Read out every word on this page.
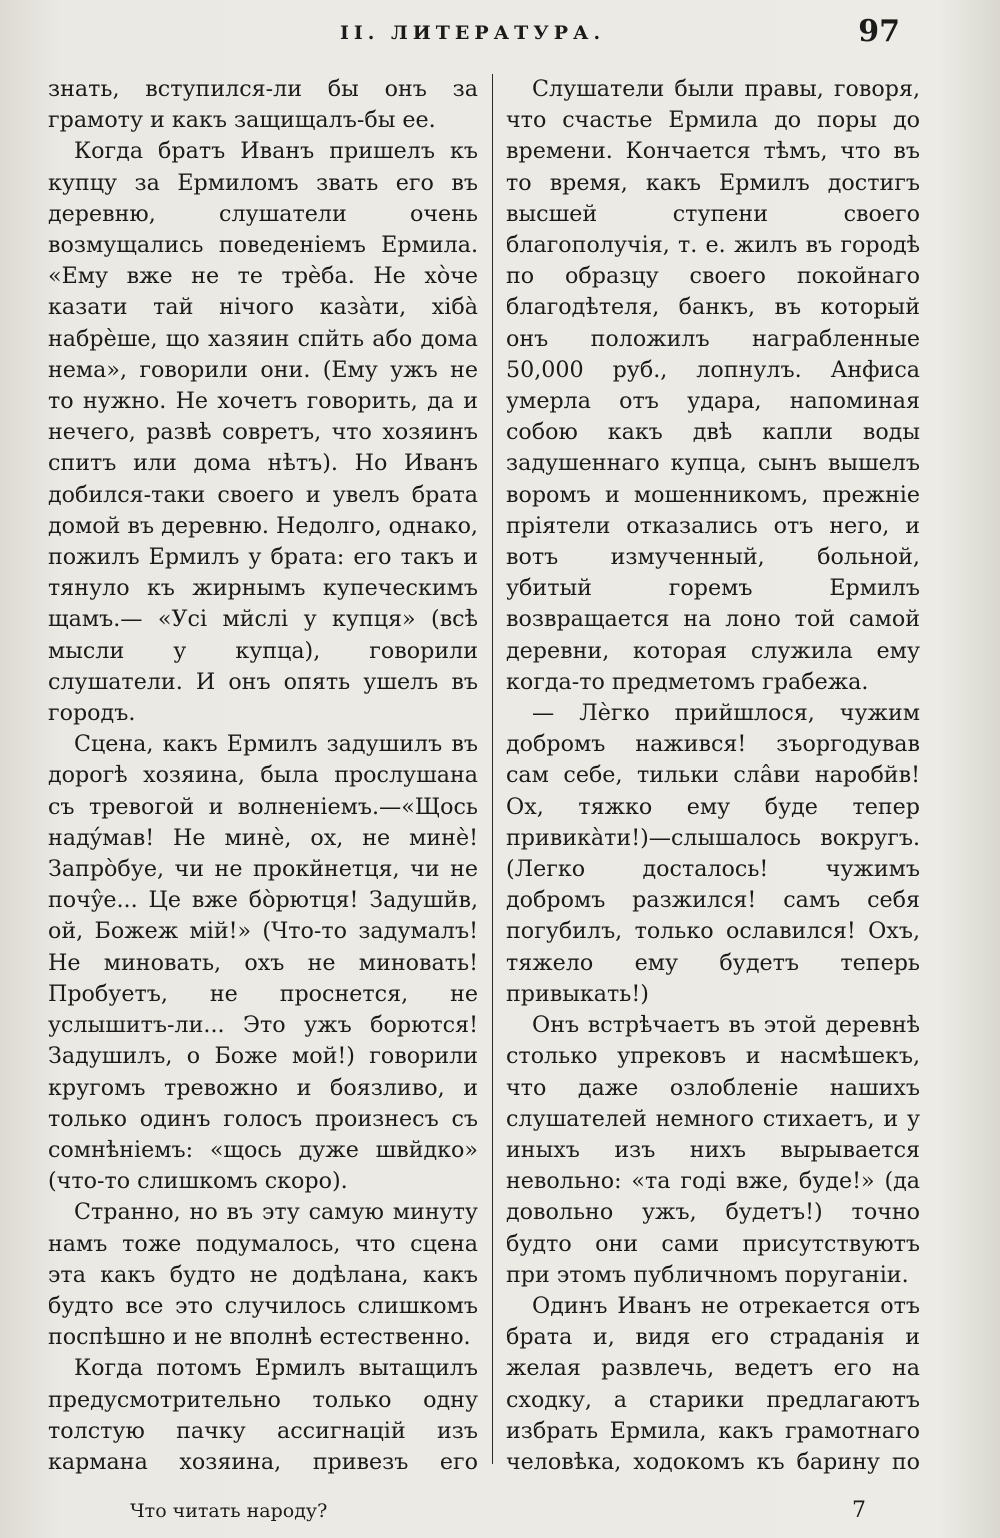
II. ЛИТЕРАТУРА.	97

знать, вступился-ли бы онъ за грамоту и какъ защищалъ-бы ее.

Когда братъ Иванъ пришелъ къ купцу за Ермиломъ звать его въ деревню, слушатели очень возмущались поведеніемъ Ермила. «Ему вже не те трѐба. Не хо̀че казати тай нічого казàти, хібà набрѐше, що хазяин спйть або дома нема», говорили они. (Ему ужъ не то нужно. Не хочетъ говорить, да и нечего, развѣ совретъ, что хозяинъ спитъ или дома нѣтъ). Но Иванъ добился-таки своего и увелъ брата домой въ деревню. Недолго, однако, пожилъ Ермилъ у брата: его такъ и тянуло къ жирнымъ купеческимъ щамъ.— «Усі мйслі у купця» (всѣ мысли у купца), говорили слушатели. И онъ опять ушелъ въ городъ.

Сцена, какъ Ермилъ задушилъ въ дорогѣ хозяина, была прослушана съ тревогой и волненіемъ.—«Щось надýмав! Не минѐ, ох, не минѐ! Запрòбуе, чи не прокйнетця, чи не почŷе... Це вже бòрютця! Задушйв, ой, Божеж мій!» (Что-то задумалъ! Не миновать, охъ не миновать! Пробуетъ, не проснется, не услышитъ-ли... Это ужъ борются! Задушилъ, о Боже мой!) говорили кругомъ тревожно и боязливо, и только одинъ голосъ произнесъ съ сомнѣніемъ: «щось дуже швйдко» (что-то слишкомъ скоро).

Странно, но въ эту самую минуту намъ тоже подумалось, что сцена эта какъ будто не додѣлана, какъ будто все это случилось слишкомъ поспѣшно и не вполнѣ естественно.

Когда потомъ Ермилъ вытащилъ предусмотрительно только одну толстую пачку ассигнацій изъ кармана хозяина, привезъ его

Слушатели были правы, говоря, что счастье Ермила до поры до времени. Кончается тѣмъ, что въ то время, какъ Ермилъ достигъ высшей ступени своего благополучія, т. е. жилъ въ городѣ по образцу своего покойнаго благодѣтеля, банкъ, въ который онъ положилъ награбленные 50,000 руб., лопнулъ. Анфиса умерла отъ удара, напоминая собою какъ двѣ капли воды задушеннаго купца, сынъ вышелъ воромъ и мошенникомъ, прежніе пріятели отказались отъ него, и вотъ измученный, больной, убитый горемъ Ермилъ возвращается на лоно той самой деревни, которая служила ему когда-то предметомъ грабежа.

— Лѐгко прийшлося, чужим добромъ нажився! зъоргодував сам себе, тильки слâви наробйв! Ох, тяжко ему буде тепер привикàти!)—слышалось вокругъ. (Легко досталось! чужимъ добромъ разжился! самъ себя погубилъ, только ославился! Охъ, тяжело ему будетъ теперь привыкать!)

Онъ встрѣчаетъ въ этой деревнѣ столько упрековъ и насмѣшекъ, что даже озлобленіе нашихъ слушателей немного стихаетъ, и у иныхъ изъ нихъ вырывается невольно: «та годі вже, буде!» (да довольно ужъ, будетъ!) точно будто они сами присутствуютъ при этомъ публичномъ поруганіи.

Одинъ Иванъ не отрекается отъ брата и, видя его страданія и желая развлечь, ведетъ его на сходку, а старики предлагаютъ избрать Ермила, какъ грамотнаго человѣка, ходокомъ къ барину по

Что читать народу?	7
